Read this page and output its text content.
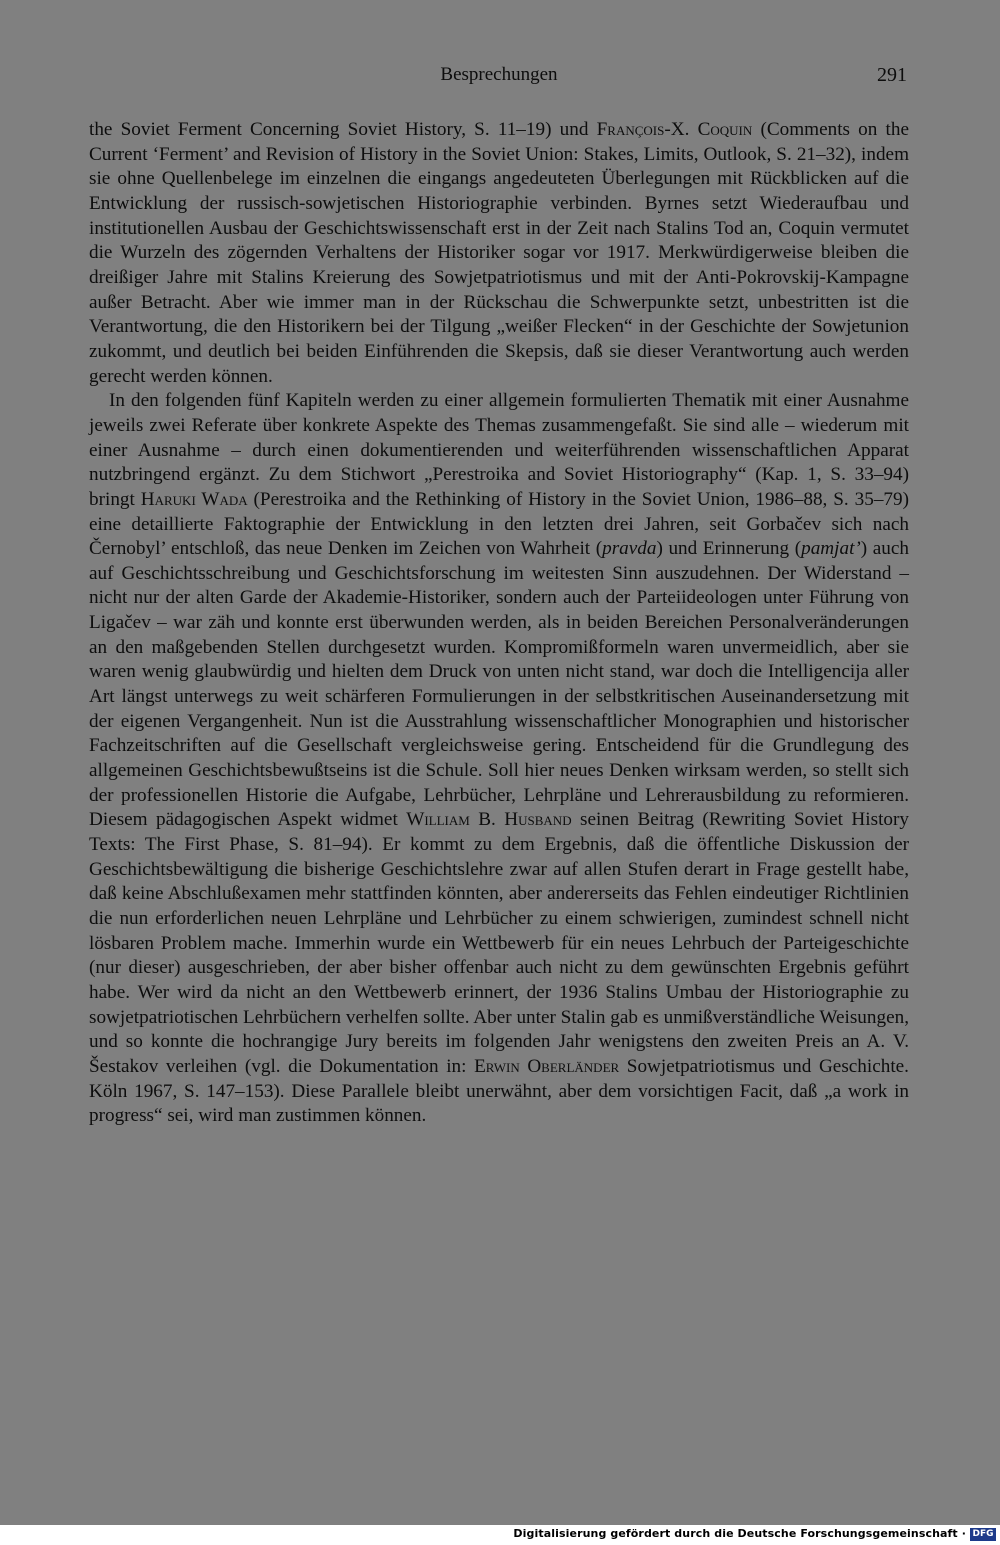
Besprechungen	291

the Soviet Ferment Concerning Soviet History, S. 11–19) und François-X. Coquin (Comments on the Current ‘Ferment’ and Revision of History in the Soviet Union: Stakes, Limits, Outlook, S. 21–32), indem sie ohne Quellenbelege im einzelnen die eingangs angedeuteten Überlegungen mit Rückblicken auf die Entwicklung der russisch-sowjetischen Historiographie verbinden. Byrnes setzt Wiederaufbau und institutionellen Ausbau der Geschichtswissenschaft erst in der Zeit nach Stalins Tod an, Coquin vermutet die Wurzeln des zögernden Verhaltens der Historiker sogar vor 1917. Merkwürdigerweise bleiben die dreißiger Jahre mit Stalins Kreierung des Sowjetpatriotismus und mit der Anti-Pokrovskij-Kampagne außer Betracht. Aber wie immer man in der Rückschau die Schwerpunkte setzt, unbestritten ist die Verantwortung, die den Historikern bei der Tilgung „weißer Flecken“ in der Geschichte der Sowjetunion zukommt, und deutlich bei beiden Einführenden die Skepsis, daß sie dieser Verantwortung auch werden gerecht werden können.

In den folgenden fünf Kapiteln werden zu einer allgemein formulierten Thematik mit einer Ausnahme jeweils zwei Referate über konkrete Aspekte des Themas zusammengefaßt. Sie sind alle – wiederum mit einer Ausnahme – durch einen dokumentierenden und weiterführenden wissenschaftlichen Apparat nutzbringend ergänzt. Zu dem Stichwort „Perestroika and Soviet Historiography“ (Kap. 1, S. 33–94) bringt Haruki Wada (Perestroika and the Rethinking of History in the Soviet Union, 1986–88, S. 35–79) eine detaillierte Faktographie der Entwicklung in den letzten drei Jahren, seit Gorbačev sich nach Černobyl’ entschloß, das neue Denken im Zeichen von Wahrheit (pravda) und Erinnerung (pamjat’) auch auf Geschichtsschreibung und Geschichtsforschung im weitesten Sinn auszudehnen. Der Widerstand – nicht nur der alten Garde der Akademie-Historiker, sondern auch der Parteiideologen unter Führung von Ligačev – war zäh und konnte erst überwunden werden, als in beiden Bereichen Personalveränderungen an den maßgebenden Stellen durchgesetzt wurden. Kompromißformeln waren unvermeidlich, aber sie waren wenig glaubwürdig und hielten dem Druck von unten nicht stand, war doch die Intelligencija aller Art längst unterwegs zu weit schärferen Formulierungen in der selbstkritischen Auseinandersetzung mit der eigenen Vergangenheit. Nun ist die Ausstrahlung wissenschaftlicher Monographien und historischer Fachzeitschriften auf die Gesellschaft vergleichsweise gering. Entscheidend für die Grundlegung des allgemeinen Geschichtsbewußtseins ist die Schule. Soll hier neues Denken wirksam werden, so stellt sich der professionellen Historie die Aufgabe, Lehrbücher, Lehrpläne und Lehrerausbildung zu reformieren. Diesem pädagogischen Aspekt widmet William B. Husband seinen Beitrag (Rewriting Soviet History Texts: The First Phase, S. 81–94). Er kommt zu dem Ergebnis, daß die öffentliche Diskussion der Geschichtsbewältigung die bisherige Geschichtslehre zwar auf allen Stufen derart in Frage gestellt habe, daß keine Abschlußexamen mehr stattfinden könnten, aber andererseits das Fehlen eindeutiger Richtlinien die nun erforderlichen neuen Lehrpläne und Lehrbücher zu einem schwierigen, zumindest schnell nicht lösbaren Problem mache. Immerhin wurde ein Wettbewerb für ein neues Lehrbuch der Parteigeschichte (nur dieser) ausgeschrieben, der aber bisher offenbar auch nicht zu dem gewünschten Ergebnis geführt habe. Wer wird da nicht an den Wettbewerb erinnert, der 1936 Stalins Umbau der Historiographie zu sowjetpatriotischen Lehrbüchern verhelfen sollte. Aber unter Stalin gab es unmißverständliche Weisungen, und so konnte die hochrangige Jury bereits im folgenden Jahr wenigstens den zweiten Preis an A. V. Šestakov verleihen (vgl. die Dokumentation in: Erwin Oberländer Sowjetpatriotismus und Geschichte. Köln 1967, S. 147–153). Diese Parallele bleibt unerwähnt, aber dem vorsichtigen Facit, daß „a work in progress“ sei, wird man zustimmen können.

Digitalisierung gefördert durch die Deutsche Forschungsgemeinschaft · DFG
